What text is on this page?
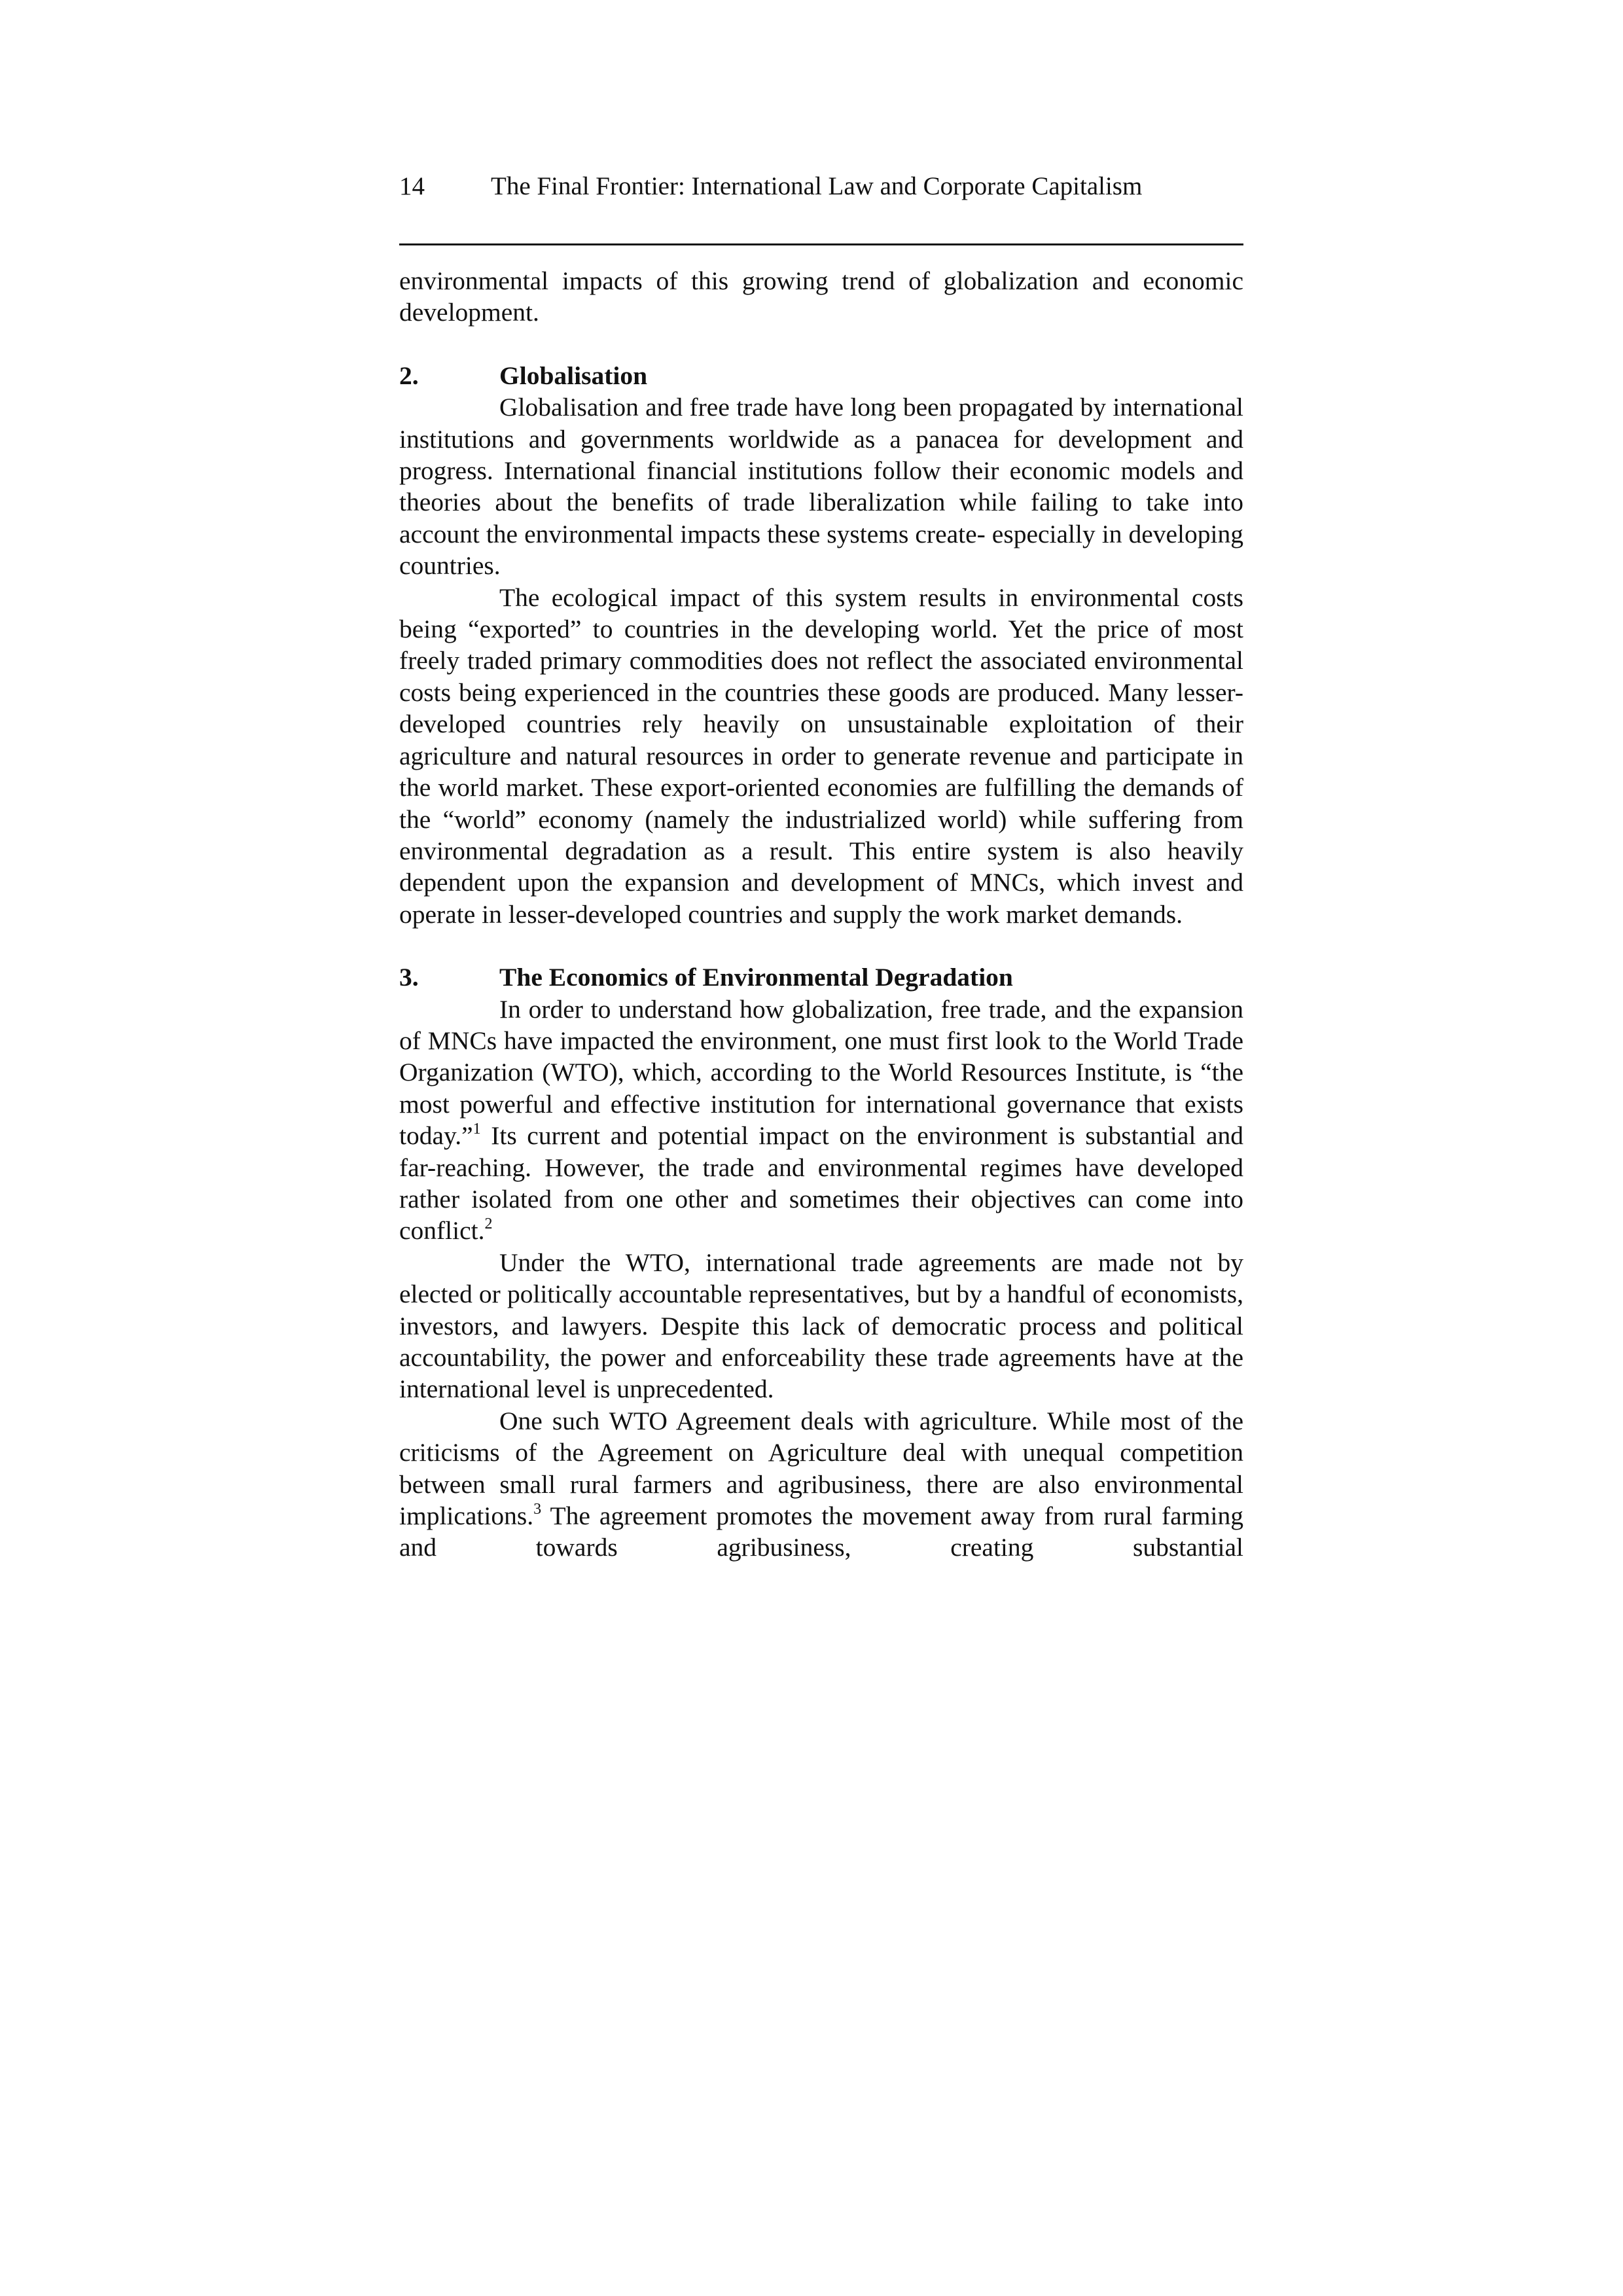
14	The Final Frontier: International Law and Corporate Capitalism

environmental impacts of this growing trend of globalization and economic development.

2.	Globalisation

Globalisation and free trade have long been propagated by international institutions and governments worldwide as a panacea for development and progress. International financial institutions follow their economic models and theories about the benefits of trade liberalization while failing to take into account the environmental impacts these systems create- especially in developing countries.

The ecological impact of this system results in environmental costs being “exported” to countries in the developing world. Yet the price of most freely traded primary commodities does not reflect the associated environmental costs being experienced in the countries these goods are produced. Many lesser-developed countries rely heavily on unsustainable exploitation of their agriculture and natural resources in order to generate revenue and participate in the world market. These export-oriented economies are fulfilling the demands of the “world” economy (namely the industrialized world) while suffering from environmental degradation as a result. This entire system is also heavily dependent upon the expansion and development of MNCs, which invest and operate in lesser-developed countries and supply the work market demands.

3.	The Economics of Environmental Degradation

In order to understand how globalization, free trade, and the expansion of MNCs have impacted the environment, one must first look to the World Trade Organization (WTO), which, according to the World Resources Institute, is “the most powerful and effective institution for international governance that exists today.”$^1$ Its current and potential impact on the environment is substantial and far-reaching. However, the trade and environmental regimes have developed rather isolated from one other and sometimes their objectives can come into conflict.$^2$

Under the WTO, international trade agreements are made not by elected or politically accountable representatives, but by a handful of economists, investors, and lawyers. Despite this lack of democratic process and political accountability, the power and enforceability these trade agreements have at the international level is unprecedented.

One such WTO Agreement deals with agriculture. While most of the criticisms of the Agreement on Agriculture deal with unequal competition between small rural farmers and agribusiness, there are also environmental implications.$^3$ The agreement promotes the movement away from rural farming and towards agribusiness, creating substantial
